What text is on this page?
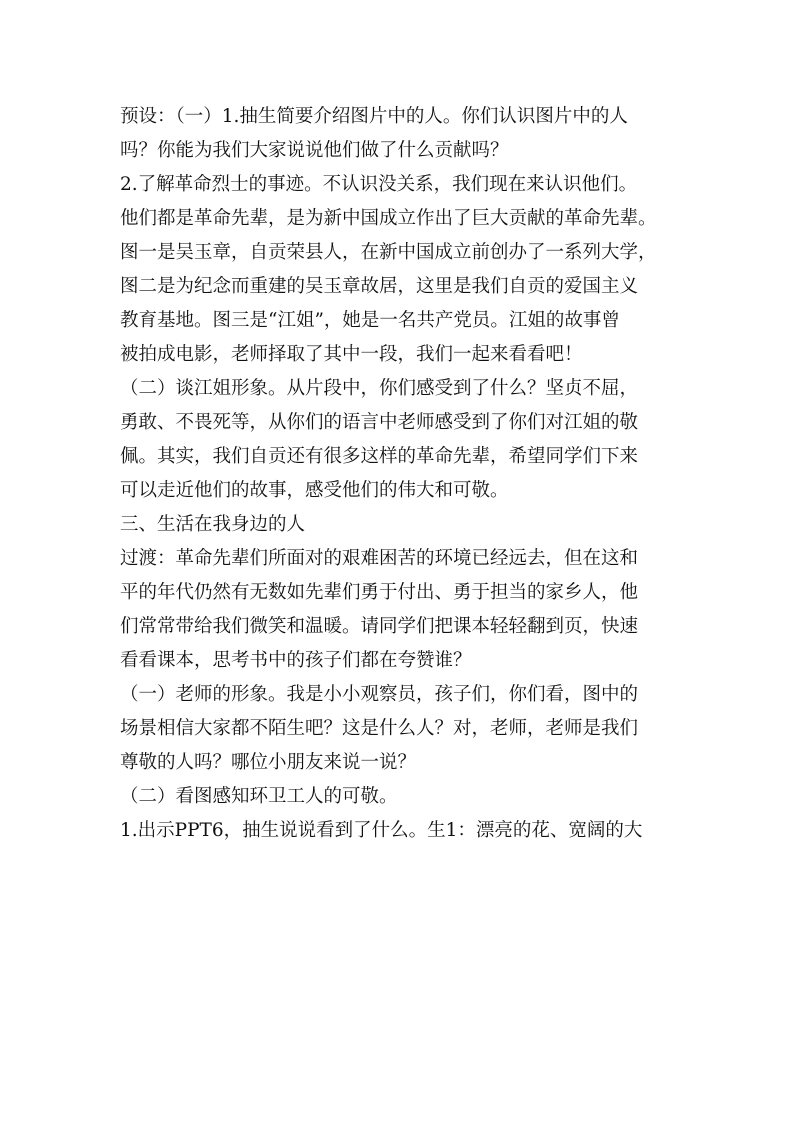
预设：（一）1.抽生简要介绍图片中的人。你们认识图片中的人
吗？你能为我们大家说说他们做了什么贡献吗？
2.了解革命烈士的事迹。不认识没关系，我们现在来认识他们。
他们都是革命先辈，是为新中国成立作出了巨大贡献的革命先辈。
图一是吴玉章，自贡荣县人，在新中国成立前创办了一系列大学，
图二是为纪念而重建的吴玉章故居，这里是我们自贡的爱国主义
教育基地。图三是“江姐”，她是一名共产党员。江姐的故事曾
被拍成电影，老师择取了其中一段，我们一起来看看吧！
（二）谈江姐形象。从片段中，你们感受到了什么？坚贞不屈，
勇敢、不畏死等，从你们的语言中老师感受到了你们对江姐的敬
佩。其实，我们自贡还有很多这样的革命先辈，希望同学们下来
可以走近他们的故事，感受他们的伟大和可敬。
三、生活在我身边的人
过渡：革命先辈们所面对的艰难困苦的环境已经远去，但在这和
平的年代仍然有无数如先辈们勇于付出、勇于担当的家乡人，他
们常常带给我们微笑和温暖。请同学们把课本轻轻翻到页，快速
看看课本，思考书中的孩子们都在夸赞谁？
（一）老师的形象。我是小小观察员，孩子们，你们看，图中的
场景相信大家都不陌生吧？这是什么人？对，老师，老师是我们
尊敬的人吗？哪位小朋友来说一说？
（二）看图感知环卫工人的可敬。
1.出示PPT6，抽生说说看到了什么。生1：漂亮的花、宽阔的大
